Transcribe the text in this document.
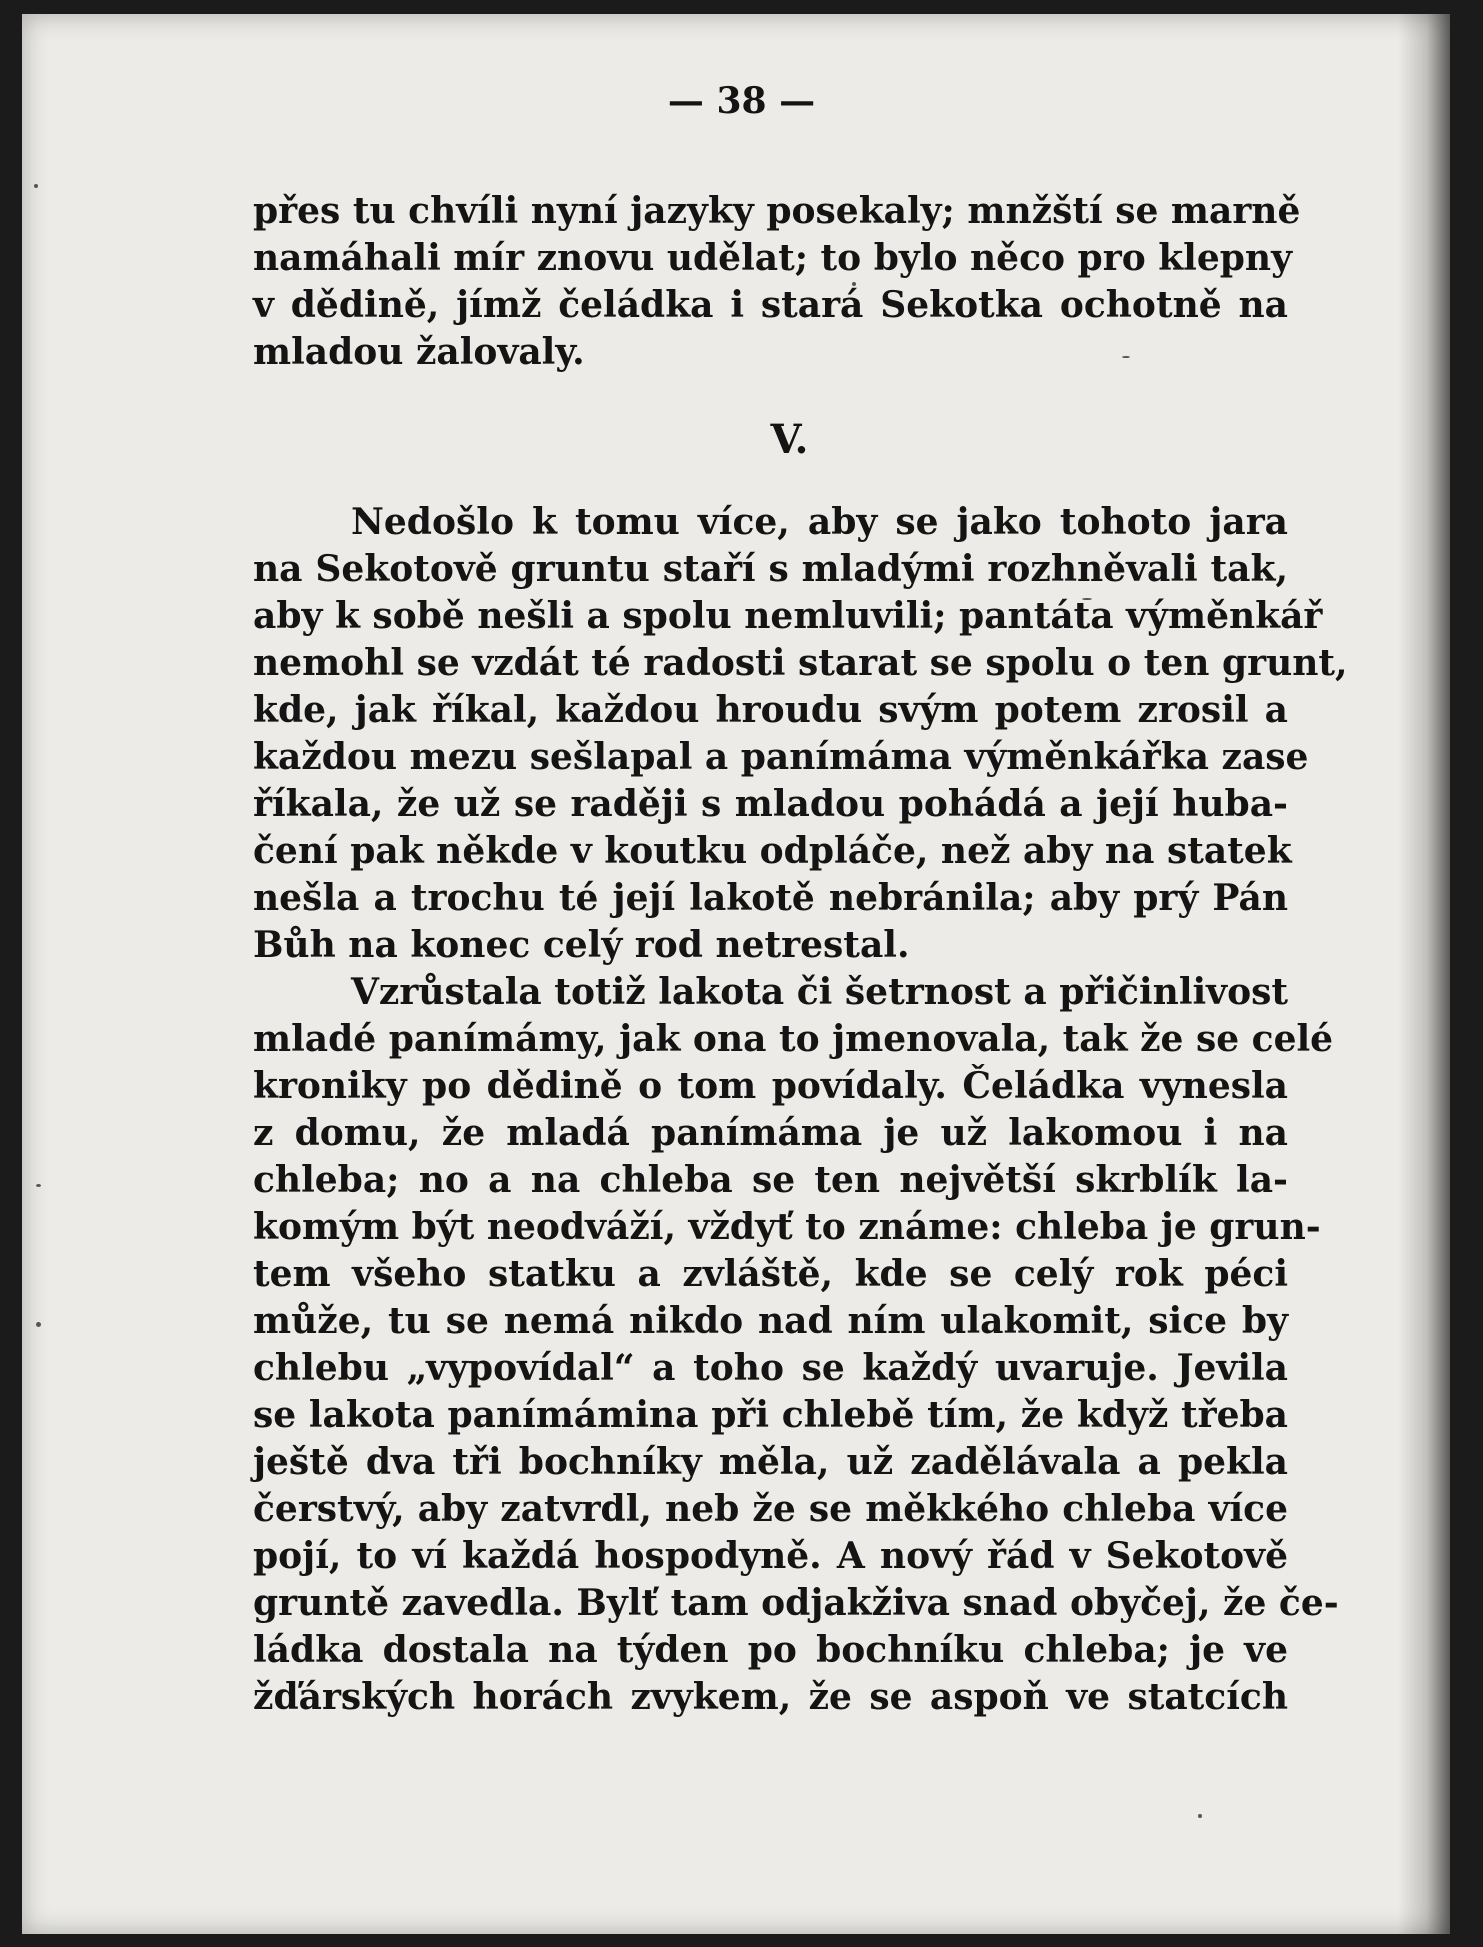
— 38 —
přes tu chvíli nyní jazyky posekaly; mnžští se marně
namáhali mír znovu udělat; to bylo něco pro klepny
v dědině, jímž čeládka i stará Sekotka ochotně na
mladou žalovaly.
V.
Nedošlo k tomu více, aby se jako tohoto jara
na Sekotově gruntu staří s mladými rozhněvali tak,
aby k sobě nešli a spolu nemluvili; pantáta výměnkář
nemohl se vzdát té radosti starat se spolu o ten grunt,
kde, jak říkal, každou hroudu svým potem zrosil a
každou mezu sešlapal a panímáma výměnkářka zase
říkala, že už se raději s mladou pohádá a její huba-
čení pak někde v koutku odpláče, než aby na statek
nešla a trochu té její lakotě nebránila; aby prý Pán
Bůh na konec celý rod netrestal.
Vzrůstala totiž lakota či šetrnost a přičinlivost
mladé panímámy, jak ona to jmenovala, tak že se celé
kroniky po dědině o tom povídaly. Čeládka vynesla
z domu, že mladá panímáma je už lakomou i na
chleba; no a na chleba se ten největší skrblík la-
komým být neodváží, vždyť to známe: chleba je grun-
tem všeho statku a zvláště, kde se celý rok péci
může, tu se nemá nikdo nad ním ulakomit, sice by
chlebu „vypovídal“ a toho se každý uvaruje. Jevila
se lakota panímámina při chlebě tím, že když třeba
ještě dva tři bochníky měla, už zadělávala a pekla
čerstvý, aby zatvrdl, neb že se měkkého chleba více
pojí, to ví každá hospodyně. A nový řád v Sekotově
gruntě zavedla. Bylť tam odjakživa snad obyčej, že če-
ládka dostala na týden po bochníku chleba; je ve
žďárských horách zvykem, že se aspoň ve statcích
